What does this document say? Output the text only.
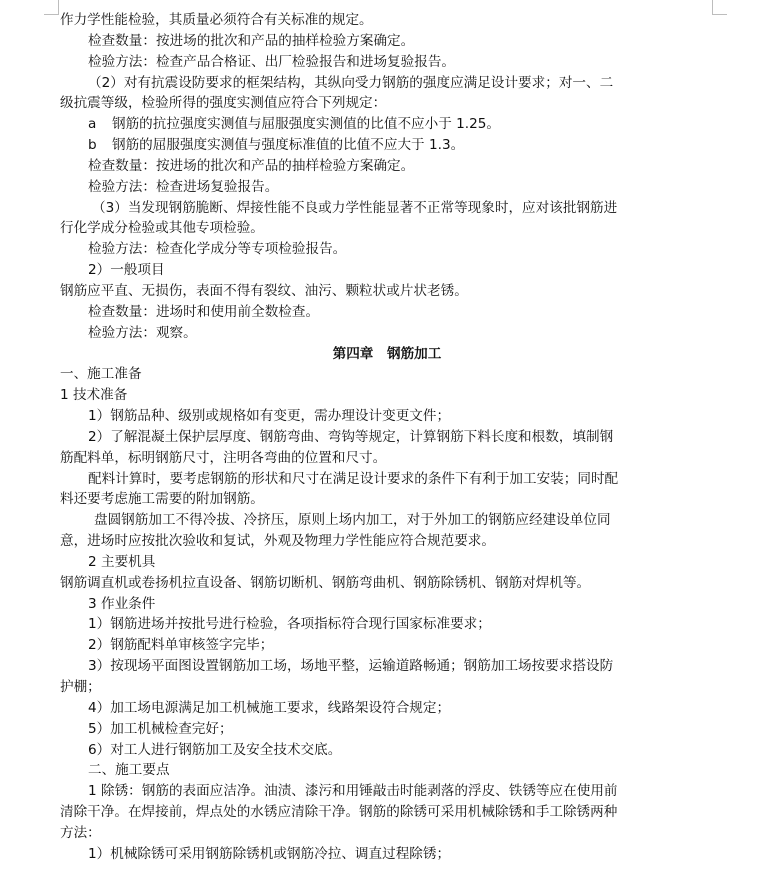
作力学性能检验，其质量必须符合有关标准的规定。
检查数量：按进场的批次和产品的抽样检验方案确定。
检验方法：检查产品合格证、出厂检验报告和进场复验报告。
（2）对有抗震设防要求的框架结构，其纵向受力钢筋的强度应满足设计要求；对一、二
级抗震等级，检验所得的强度实测值应符合下列规定：
a 钢筋的抗拉强度实测值与屈服强度实测值的比值不应小于 1.25。
b 钢筋的屈服强度实测值与强度标准值的比值不应大于 1.3。
检查数量：按进场的批次和产品的抽样检验方案确定。
检验方法：检查进场复验报告。
（3）当发现钢筋脆断、焊接性能不良或力学性能显著不正常等现象时，应对该批钢筋进
行化学成分检验或其他专项检验。
检验方法：检查化学成分等专项检验报告。
2）一般项目
钢筋应平直、无损伤，表面不得有裂纹、油污、颗粒状或片状老锈。
检查数量：进场时和使用前全数检查。
检验方法：观察。
第四章　钢筋加工
一、施工准备
1 技术准备
1）钢筋品种、级别或规格如有变更，需办理设计变更文件；
2）了解混凝土保护层厚度、钢筋弯曲、弯钩等规定，计算钢筋下料长度和根数，填制钢
筋配料单，标明钢筋尺寸，注明各弯曲的位置和尺寸。
配料计算时，要考虑钢筋的形状和尺寸在满足设计要求的条件下有利于加工安装；同时配
料还要考虑施工需要的附加钢筋。
盘圆钢筋加工不得冷拔、冷挤压，原则上场内加工，对于外加工的钢筋应经建设单位同
意，进场时应按批次验收和复试，外观及物理力学性能应符合规范要求。
2 主要机具
钢筋调直机或卷扬机拉直设备、钢筋切断机、钢筋弯曲机、钢筋除锈机、钢筋对焊机等。
3 作业条件
1）钢筋进场并按批号进行检验，各项指标符合现行国家标准要求；
2）钢筋配料单审核签字完毕；
3）按现场平面图设置钢筋加工场，场地平整，运输道路畅通；钢筋加工场按要求搭设防
护棚；
4）加工场电源满足加工机械施工要求，线路架设符合规定；
5）加工机械检查完好；
6）对工人进行钢筋加工及安全技术交底。
二、施工要点
1 除锈：钢筋的表面应洁净。油渍、漆污和用锤敲击时能剥落的浮皮、铁锈等应在使用前
清除干净。在焊接前，焊点处的水锈应清除干净。钢筋的除锈可采用机械除锈和手工除锈两种
方法：
1）机械除锈可采用钢筋除锈机或钢筋冷拉、调直过程除锈；
